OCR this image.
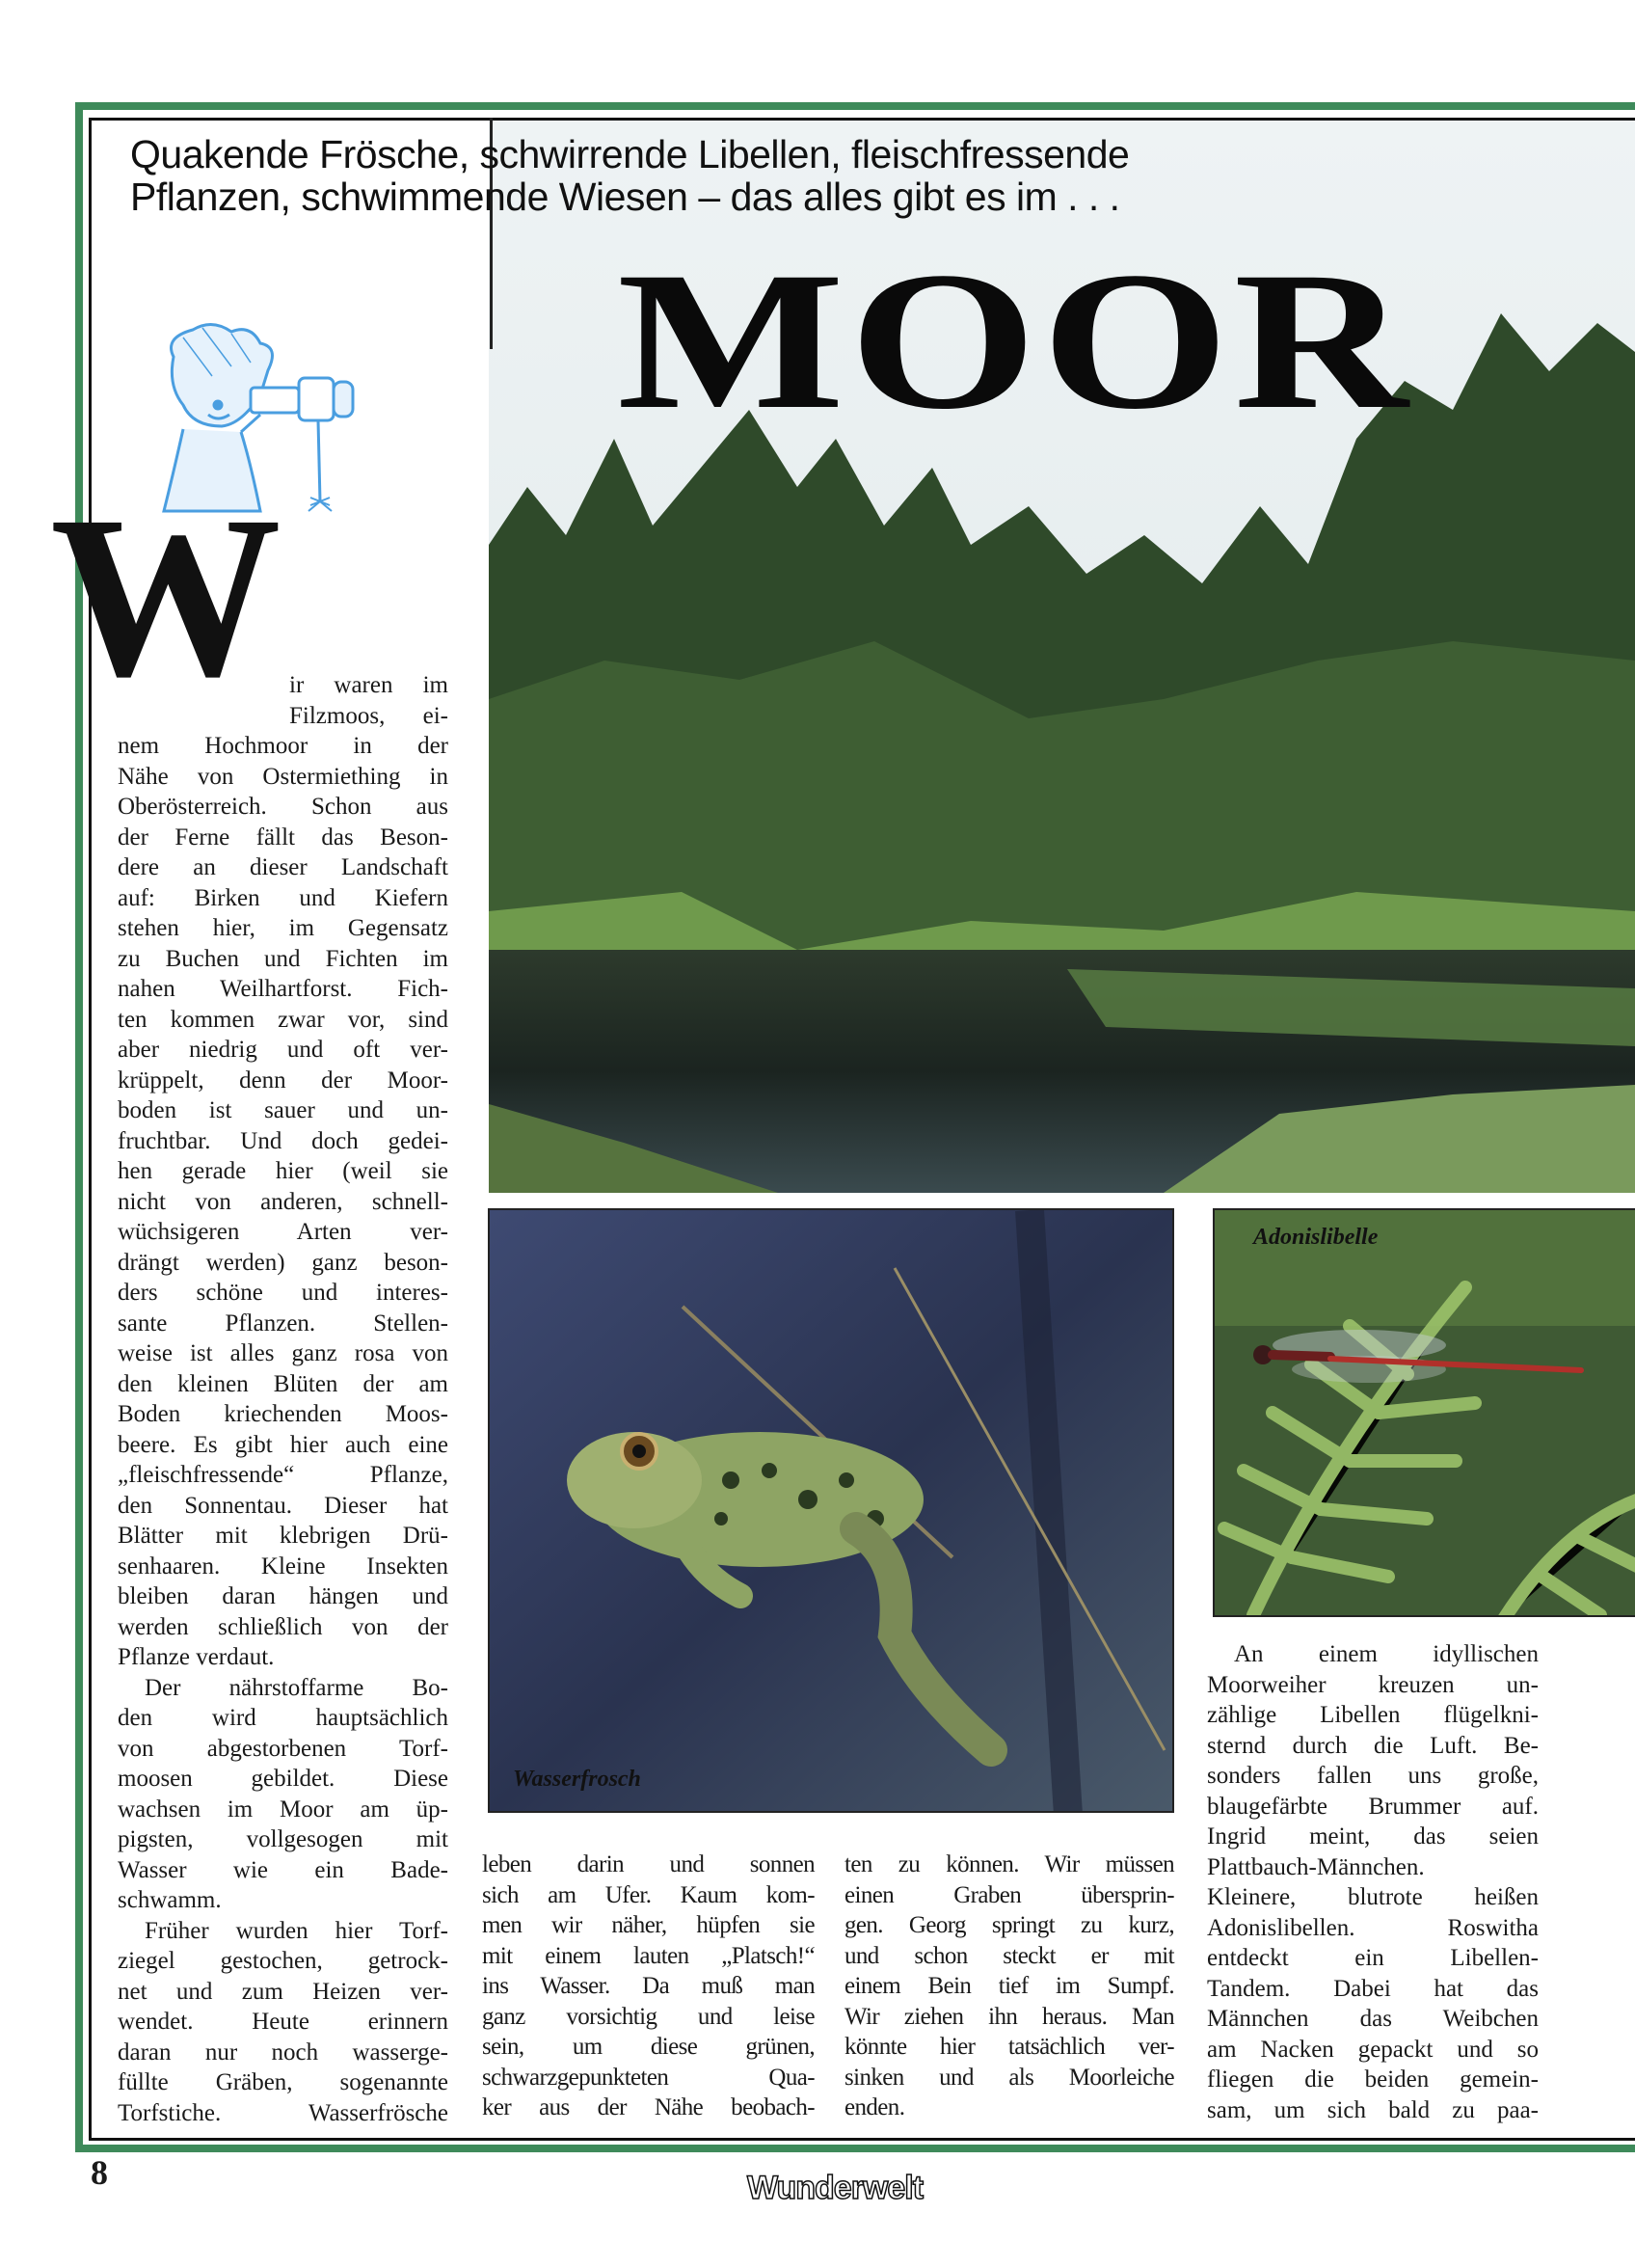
Quakende Frösche, schwirrende Libellen, fleischfressende
Pflanzen, schwimmende Wiesen – das alles gibt es im . . .
MOOR
W ir waren im
Filzmoos, ei-
nem Hochmoor in der
Nähe von Ostermiething in
Oberösterreich. Schon aus
der Ferne fällt das Beson-
dere an dieser Landschaft
auf: Birken und Kiefern
stehen hier, im Gegensatz
zu Buchen und Fichten im
nahen Weilhartforst. Fich-
ten kommen zwar vor, sind
aber niedrig und oft ver-
krüppelt, denn der Moor-
boden ist sauer und un-
fruchtbar. Und doch gedei-
hen gerade hier (weil sie
nicht von anderen, schnell-
wüchsigeren Arten ver-
drängt werden) ganz beson-
ders schöne und interes-
sante Pflanzen. Stellen-
weise ist alles ganz rosa von
den kleinen Blüten der am
Boden kriechenden Moos-
beere. Es gibt hier auch eine
„fleischfressende“ Pflanze,
den Sonnentau. Dieser hat
Blätter mit klebrigen Drü-
senhaaren. Kleine Insekten
bleiben daran hängen und
werden schließlich von der
Pflanze verdaut.
Der nährstoffarme Bo-
den wird hauptsächlich
von abgestorbenen Torf-
moosen gebildet. Diese
wachsen im Moor am üp-
pigsten, vollgesogen mit
Wasser wie ein Bade-
schwamm.
Früher wurden hier Torf-
ziegel gestochen, getrock-
net und zum Heizen ver-
wendet. Heute erinnern
daran nur noch wasserge-
füllte Gräben, sogenannte
Torfstiche. Wasserfrösche
Wasserfrosch
Adonislibelle
leben darin und sonnen
sich am Ufer. Kaum kom-
men wir näher, hüpfen sie
mit einem lauten „Platsch!“
ins Wasser. Da muß man
ganz vorsichtig und leise
sein, um diese grünen,
schwarzgepunkteten Qua-
ker aus der Nähe beobach-
ten zu können. Wir müssen
einen Graben übersprin-
gen. Georg springt zu kurz,
und schon steckt er mit
einem Bein tief im Sumpf.
Wir ziehen ihn heraus. Man
könnte hier tatsächlich ver-
sinken und als Moorleiche
enden.
An einem idyllischen
Moorweiher kreuzen un-
zählige Libellen flügelkni-
sternd durch die Luft. Be-
sonders fallen uns große,
blaugefärbte Brummer auf.
Ingrid meint, das seien
Plattbauch-Männchen.
Kleinere, blutrote heißen
Adonislibellen. Roswitha
entdeckt ein Libellen-
Tandem. Dabei hat das
Männchen das Weibchen
am Nacken gepackt und so
fliegen die beiden gemein-
sam, um sich bald zu paa-
8	Wunderwelt
